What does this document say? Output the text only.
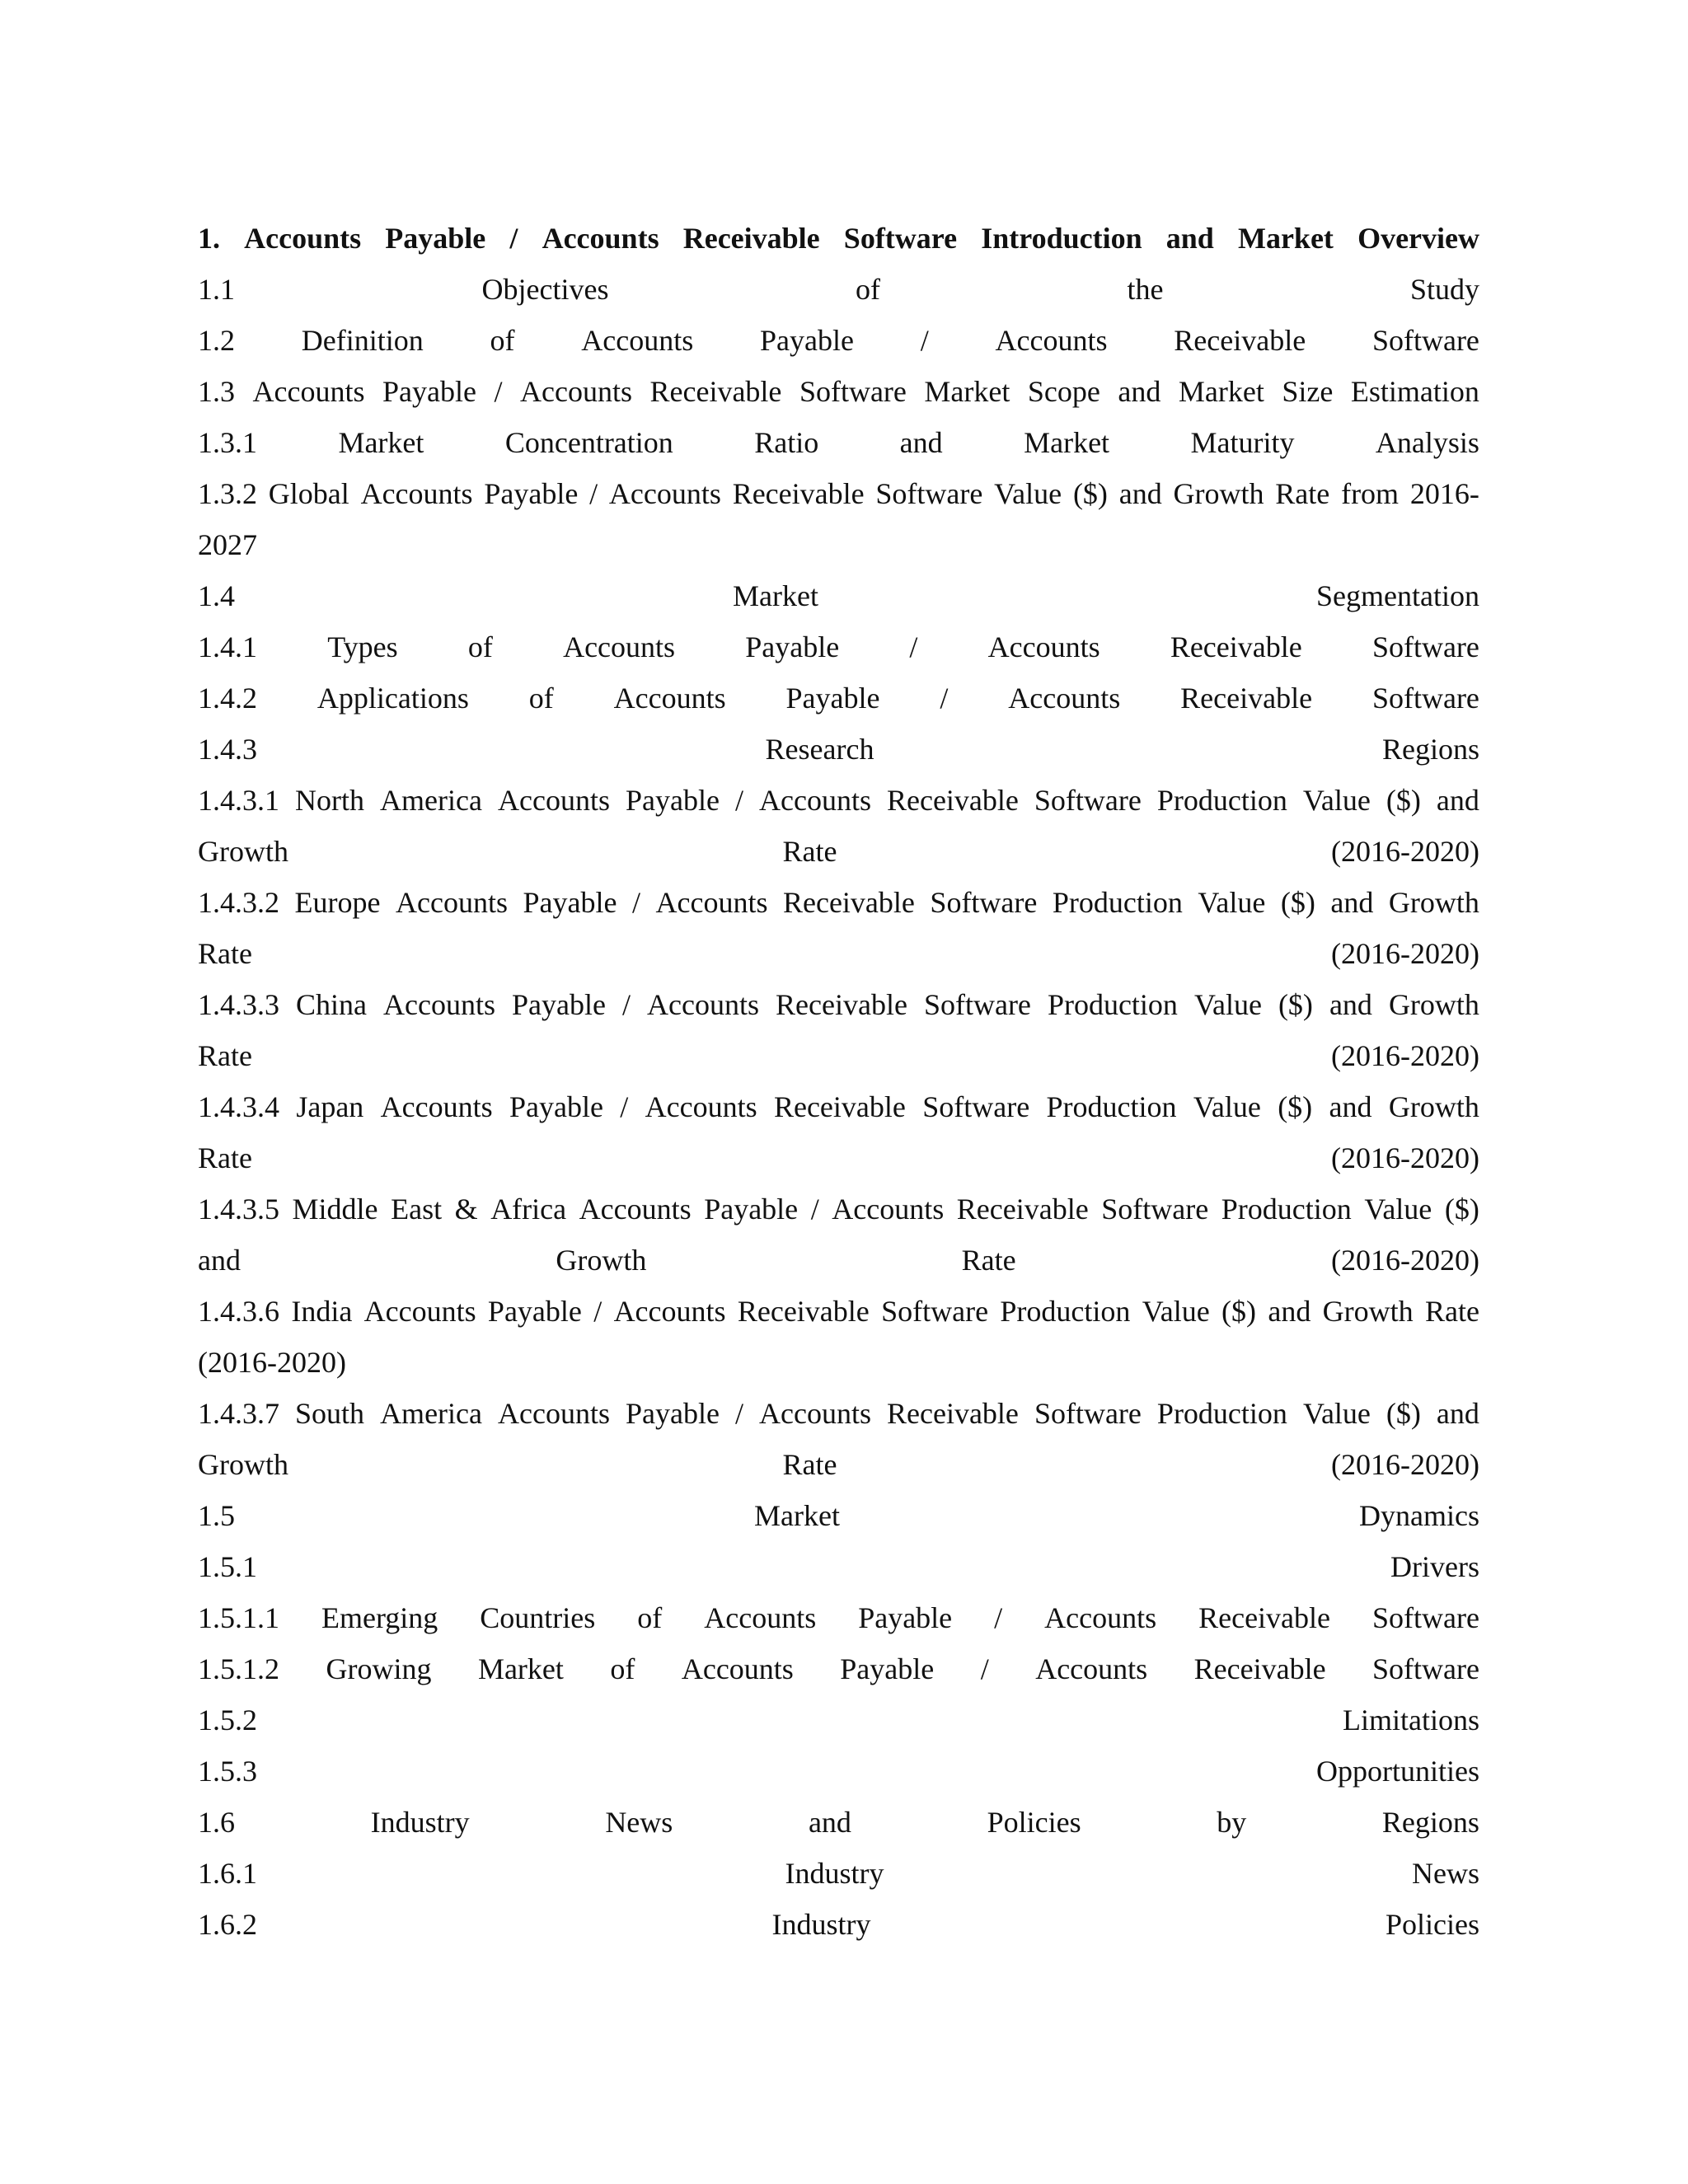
1. Accounts Payable / Accounts Receivable Software Introduction and Market Overview
1.1	Objectives	of	the	Study
1.2 Definition of Accounts Payable / Accounts Receivable Software
1.3 Accounts Payable / Accounts Receivable Software Market Scope and Market Size Estimation
1.3.1	Market	Concentration	Ratio	and	Market	Maturity	Analysis
1.3.2 Global Accounts Payable / Accounts Receivable Software Value ($) and Growth Rate from 2016-
2027
1.4	Market	Segmentation
1.4.1 Types of Accounts Payable / Accounts Receivable Software
1.4.2 Applications of Accounts Payable / Accounts Receivable Software
1.4.3	Research	Regions
1.4.3.1 North America Accounts Payable / Accounts Receivable Software Production Value ($) and
Growth	Rate	(2016-2020)
1.4.3.2 Europe Accounts Payable / Accounts Receivable Software Production Value ($) and Growth
Rate	(2016-2020)
1.4.3.3 China Accounts Payable / Accounts Receivable Software Production Value ($) and Growth
Rate	(2016-2020)
1.4.3.4 Japan Accounts Payable / Accounts Receivable Software Production Value ($) and Growth
Rate	(2016-2020)
1.4.3.5 Middle East & Africa Accounts Payable / Accounts Receivable Software Production Value ($)
and	Growth	Rate	(2016-2020)
1.4.3.6 India Accounts Payable / Accounts Receivable Software Production Value ($) and Growth Rate
(2016-2020)
1.4.3.7 South America Accounts Payable / Accounts Receivable Software Production Value ($) and
Growth	Rate	(2016-2020)
1.5	Market	Dynamics
1.5.1	Drivers
1.5.1.1 Emerging Countries of Accounts Payable / Accounts Receivable Software
1.5.1.2 Growing Market of Accounts Payable / Accounts Receivable Software
1.5.2	Limitations
1.5.3	Opportunities
1.6	Industry	News	and	Policies	by	Regions
1.6.1	Industry	News
1.6.2	Industry	Policies
